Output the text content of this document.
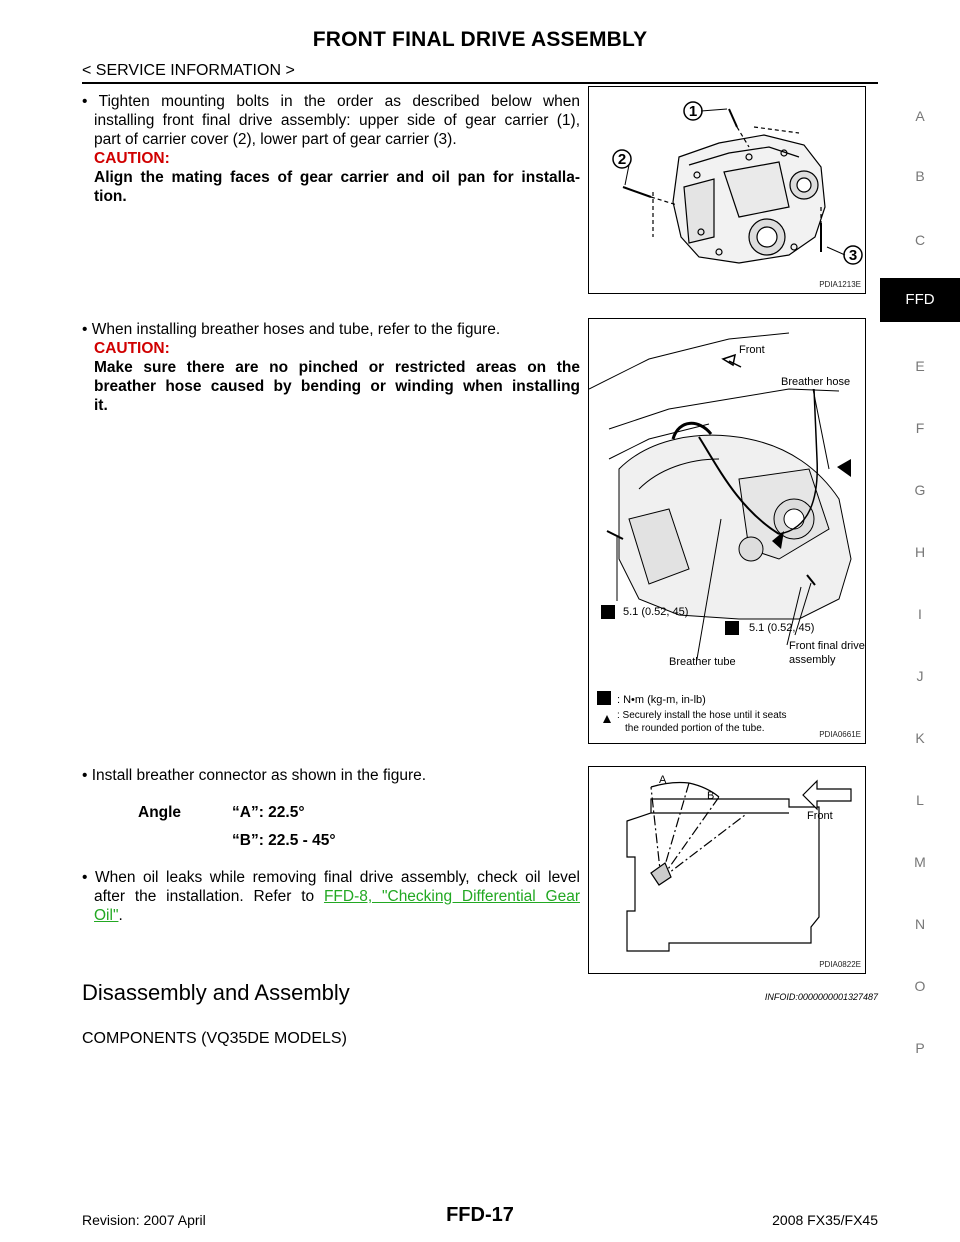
FRONT FINAL DRIVE ASSEMBLY
< SERVICE INFORMATION >
A
B
C
FFD
E
F
G
H
I
J
K
L
M
N
O
P
• Tighten mounting bolts in the order as described below when
installing front final drive assembly: upper side of gear carrier (1),
part of carrier cover (2), lower part of gear carrier (3).
CAUTION:
Align the mating faces of gear carrier and oil pan for installa-
tion.
1
2
3
PDIA1213E
• When installing breather hoses and tube, refer to the figure.
CAUTION:
Make sure there are no pinched or restricted areas on the
breather hose caused by bending or winding when installing
it.
Front
Breather hose
5.1 (0.52, 45)
5.1 (0.52, 45)
Breather tube
Front final drive
assembly
: N•m (kg-m, in-lb)
: Securely install the hose until it seats
the rounded portion of the tube.
PDIA0661E
• Install breather connector as shown in the figure.
Angle	“A”: 22.5°
“B”: 22.5 - 45°
• When oil leaks while removing final drive assembly, check oil level
after the installation. Refer to FFD-8, "Checking Differential Gear
Oil".
A
B
Front
PDIA0822E
Disassembly and Assembly	INFOID:0000000001327487
COMPONENTS (VQ35DE MODELS)
Revision: 2007 April	FFD-17	2008 FX35/FX45
